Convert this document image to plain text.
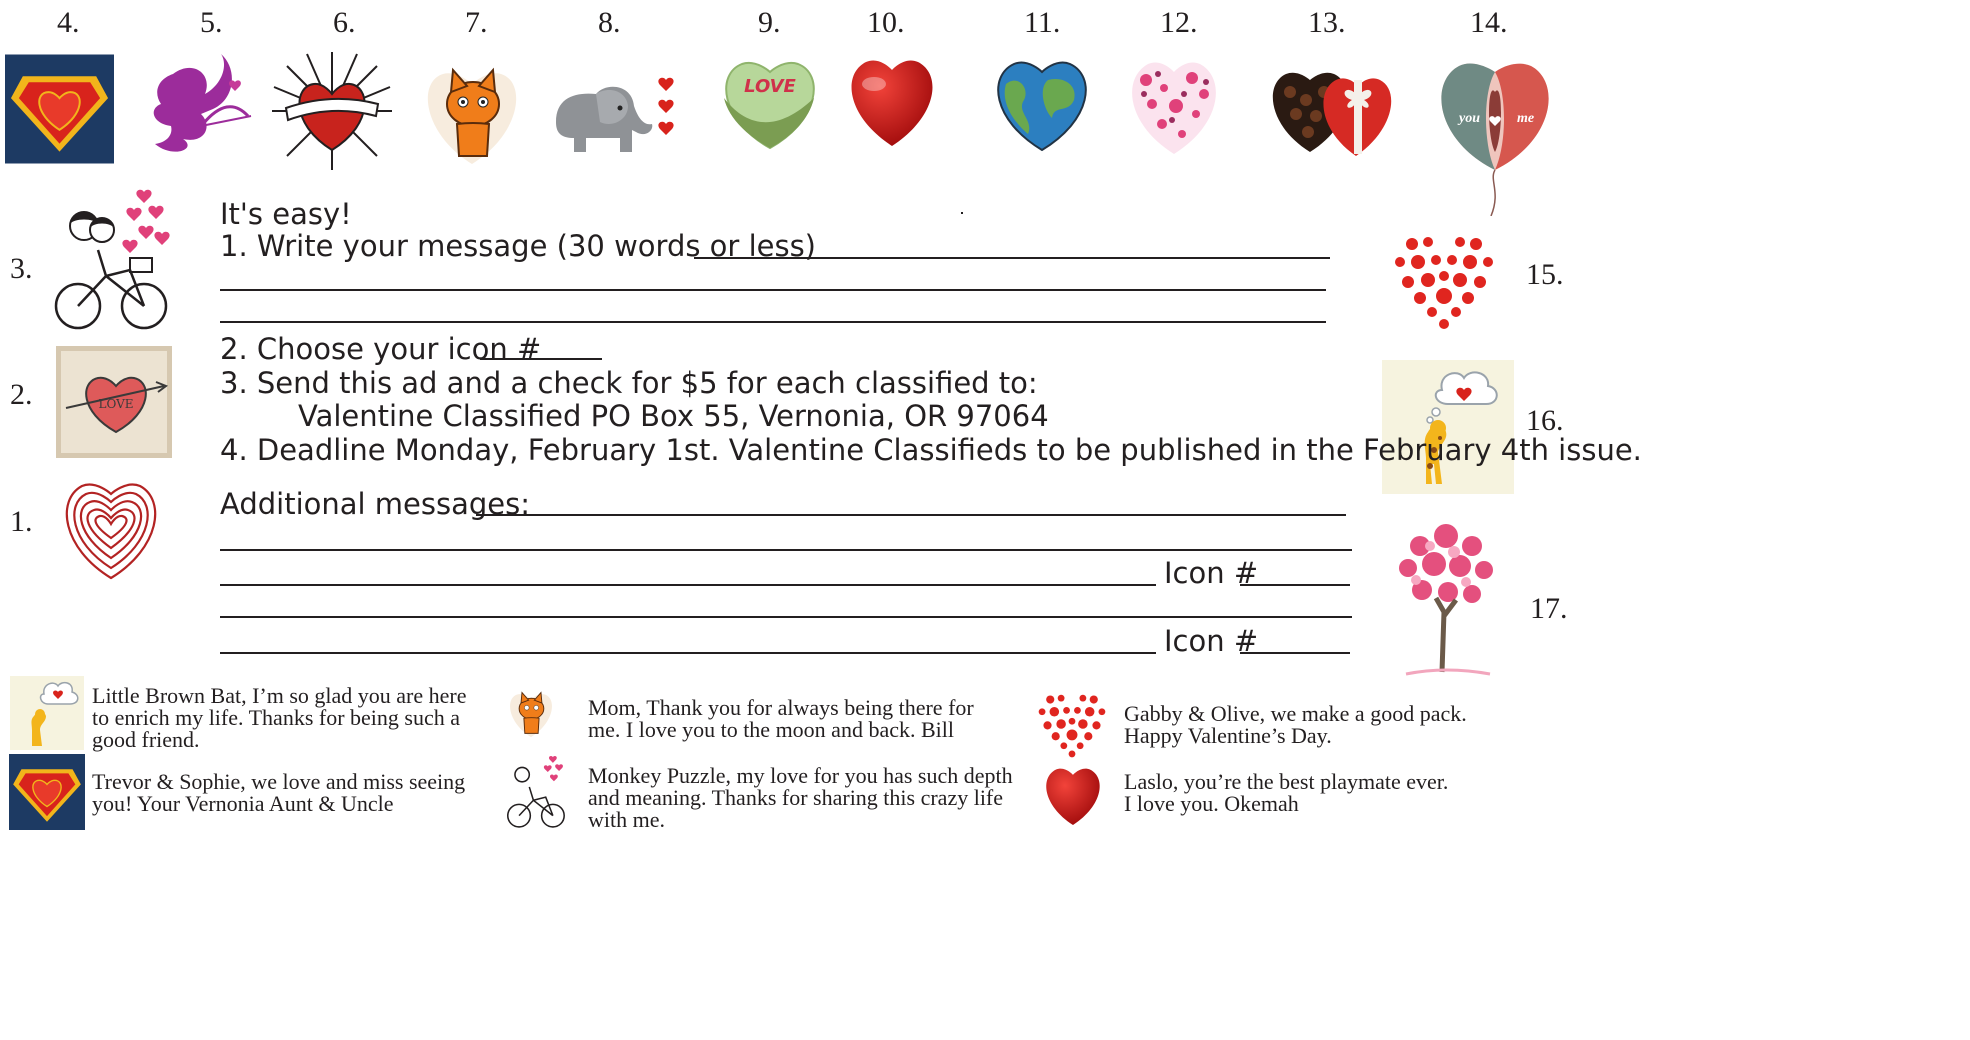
4.	5.	6.	7.	8.	9.	10.	11.	12.	13.	14.
LOVE
you	me
3.
2.	LOVE
1.
15.
16.
17.
It's easy!
1. Write your message (30 words or less)
2. Choose your icon #
3. Send this ad and a check for $5 for each classified to:
Valentine Classified PO Box 55, Vernonia, OR 97064
4. Deadline Monday, February 1st. Valentine Classifieds to be published in the February 4th issue.
Additional messages:
Icon #
Icon #
Little Brown Bat, I’m so glad you are here
to enrich my life. Thanks for being such a
good friend.
Trevor & Sophie, we love and miss seeing
you! Your Vernonia Aunt & Uncle
Mom, Thank you for always being there for
me. I love you to the moon and back. Bill
Monkey Puzzle, my love for you has such depth
and meaning. Thanks for sharing this crazy life
with me.
Gabby & Olive, we make a good pack.
Happy Valentine’s Day.
Laslo, you’re the best playmate ever.
I love you. Okemah
